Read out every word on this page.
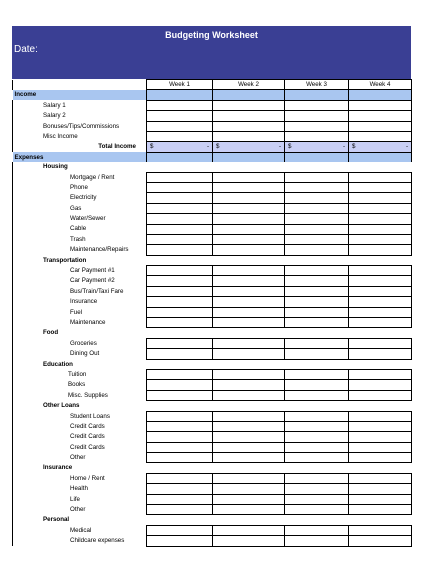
Budgeting Worksheet
Date:
	Week 1	Week 2	Week 3	Week 4
Income				
Salary 1				
Salary 2				
Bonuses/Tips/Commissions				
Misc Income				
Total Income	$ -	$ -	$ -	$ -

Expenses				
Housing				
Mortgage / Rent				
Phone				
Electricity				
Gas				
Water/Sewer				
Cable				
Trash				
Maintenance/Repairs				
Transportation				
Car Payment #1				
Car Payment #2				
Bus/Train/Taxi Fare				
Insurance				
Fuel				
Maintenance				
Food				
Groceries				
Dining Out				
Education				
Tuition				
Books				
Misc. Supplies				
Other Loans				
Student Loans				
Credit Cards				
Credit Cards				
Credit Cards				
Other				
Insurance				
Home / Rent				
Health				
Life				
Other				
Personal				
Medical				
Childcare expenses				
